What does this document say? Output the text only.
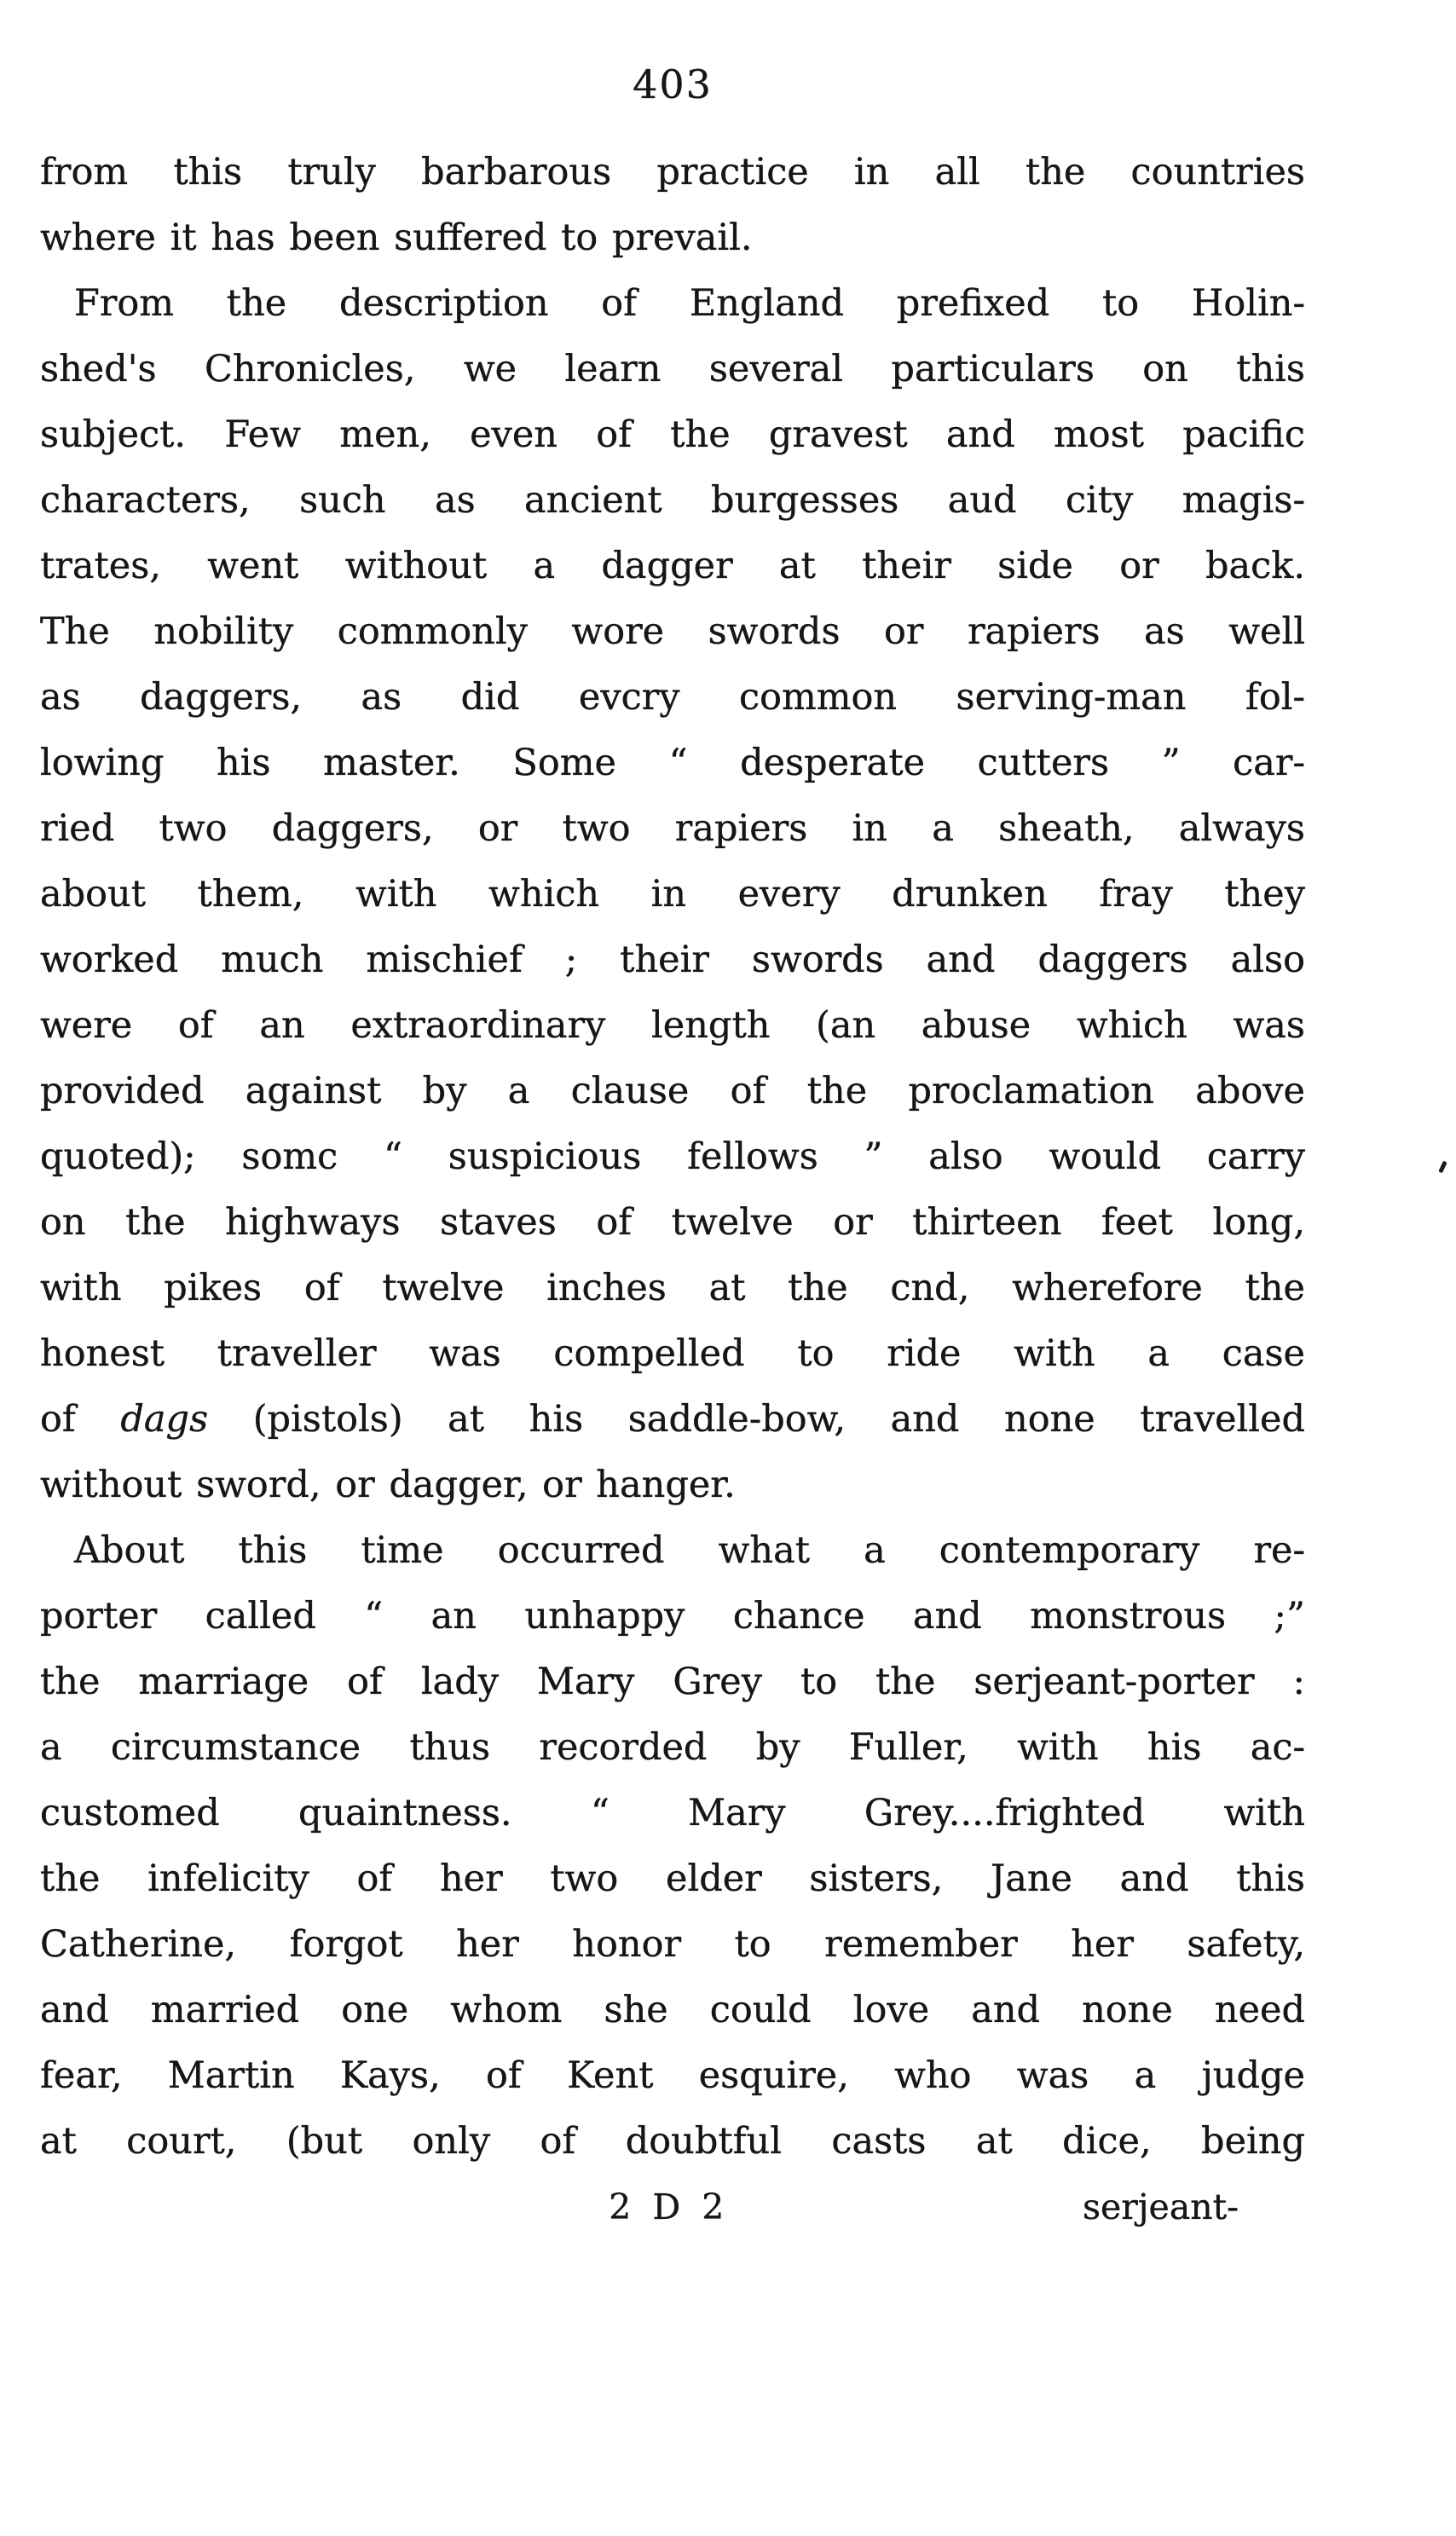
403
from this truly barbarous practice in all the countries
where it has been suffered to prevail.
From the description of England prefixed to Holin-
shed's Chronicles, we learn several particulars on this
subject. Few men, even of the gravest and most pacific
characters, such as ancient burgesses aud city magis-
trates, went without a dagger at their side or back.
The nobility commonly wore swords or rapiers as well
as daggers, as did evcry common serving-man fol-
lowing his master. Some “ desperate cutters ” car-
ried two daggers, or two rapiers in a sheath, always
about them, with which in every drunken fray they
worked much mischief ; their swords and daggers also
were of an extraordinary length (an abuse which was
provided against by a clause of the proclamation above
quoted); somc “ suspicious fellows ” also would carry
on the highways staves of twelve or thirteen feet long,
with pikes of twelve inches at the cnd, wherefore the
honest traveller was compelled to ride with a case
of dags (pistols) at his saddle-bow, and none travelled
without sword, or dagger, or hanger.
About this time occurred what a contemporary re-
porter called “ an unhappy chance and monstrous ;”
the marriage of lady Mary Grey to the serjeant-porter :
a circumstance thus recorded by Fuller, with his ac-
customed quaintness. “ Mary Grey....frighted with
the infelicity of her two elder sisters, Jane and this
Catherine, forgot her honor to remember her safety,
and married one whom she could love and none need
fear, Martin Kays, of Kent esquire, who was a judge
at court, (but only of doubtful casts at dice, being
2 D 2	serjeant-
